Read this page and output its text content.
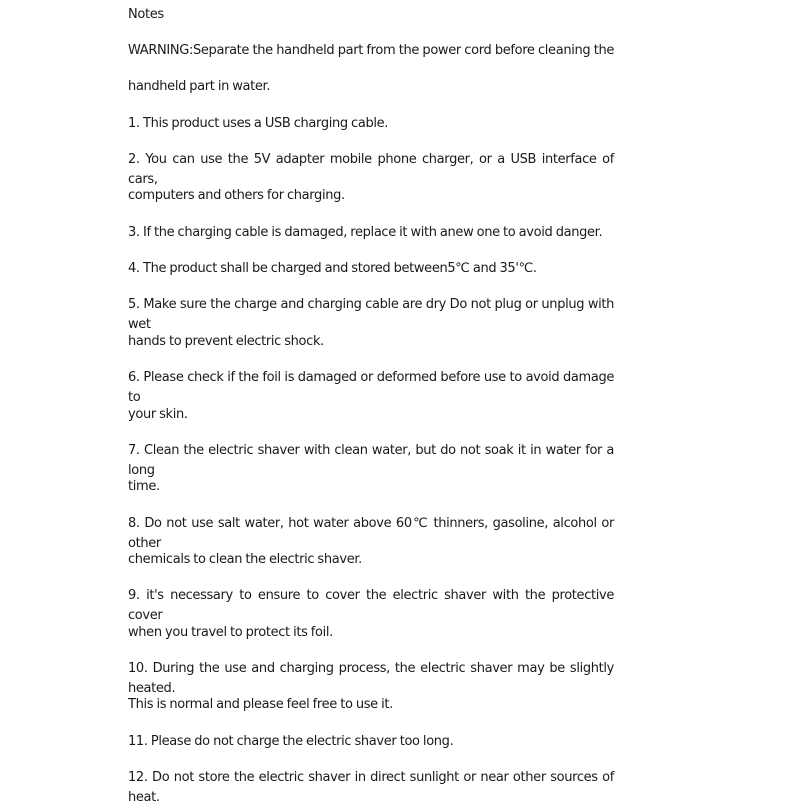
Notes
WARNING:Separate the handheld part from the power cord before cleaning the
handheld part in water.
1. This product uses a USB charging cable.
2. You can use the 5V adapter mobile phone charger, or a USB interface of cars,
computers and others for charging.
3. If the charging cable is damaged, replace it with anew one to avoid danger.
4. The product shall be charged and stored between5℃ and 35'℃.
5. Make sure the charge and charging cable are dry Do not plug or unplug with wet
hands to prevent electric shock.
6. Please check if the foil is damaged or deformed before use to avoid damage to
your skin.
7. Clean the electric shaver with clean water, but do not soak it in water for a long
time.
8. Do not use salt water, hot water above 60℃ thinners, gasoline, alcohol or other
chemicals to clean the electric shaver.
9. it's necessary to ensure to cover the electric shaver with the protective cover
when you travel to protect its foil.
10. During the use and charging process, the electric shaver may be slightly heated.
This is normal and please feel free to use it.
11. Please do not charge the electric shaver too long.
12. Do not store the electric shaver in direct sunlight or near other sources of heat.
